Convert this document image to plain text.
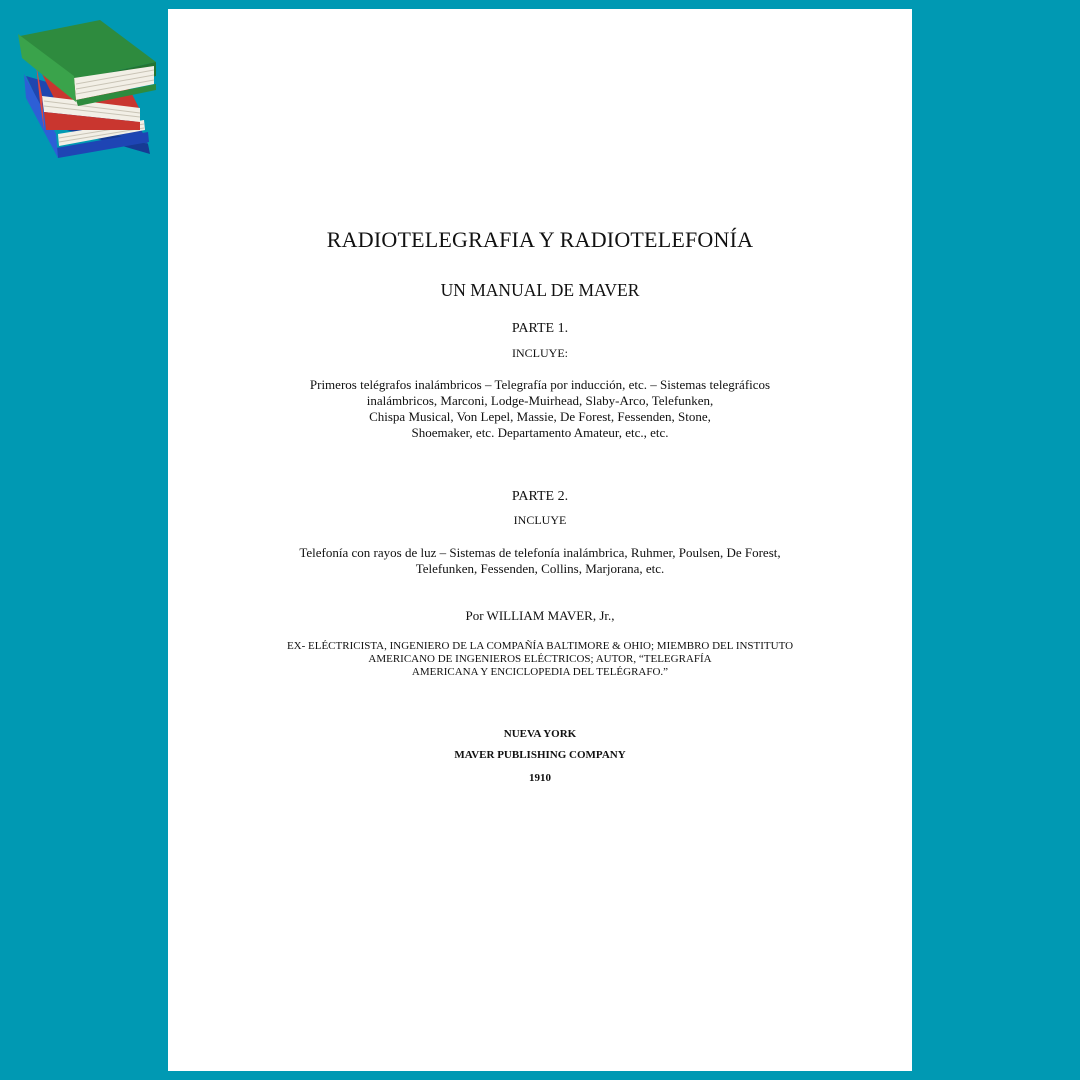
RADIOTELEGRAFIA Y RADIOTELEFONÍA
UN MANUAL DE MAVER
PARTE 1.
INCLUYE:
Primeros telégrafos inalámbricos – Telegrafía por inducción, etc. – Sistemas telegráficos
inalámbricos, Marconi, Lodge-Muirhead, Slaby-Arco, Telefunken,
Chispa Musical, Von Lepel, Massie, De Forest, Fessenden, Stone,
Shoemaker, etc. Departamento Amateur, etc., etc.
PARTE 2.
INCLUYE
Telefonía con rayos de luz – Sistemas de telefonía inalámbrica, Ruhmer, Poulsen, De Forest,
Telefunken, Fessenden, Collins, Marjorana, etc.
Por WILLIAM MAVER, Jr.,
EX- ELÉCTRICISTA, INGENIERO DE LA COMPAÑÍA BALTIMORE & OHIO; MIEMBRO DEL INSTITUTO
AMERICANO DE INGENIEROS ELÉCTRICOS; AUTOR, “TELEGRAFÍA
AMERICANA Y ENCICLOPEDIA DEL TELÉGRAFO.”
NUEVA YORK
MAVER PUBLISHING COMPANY
1910
